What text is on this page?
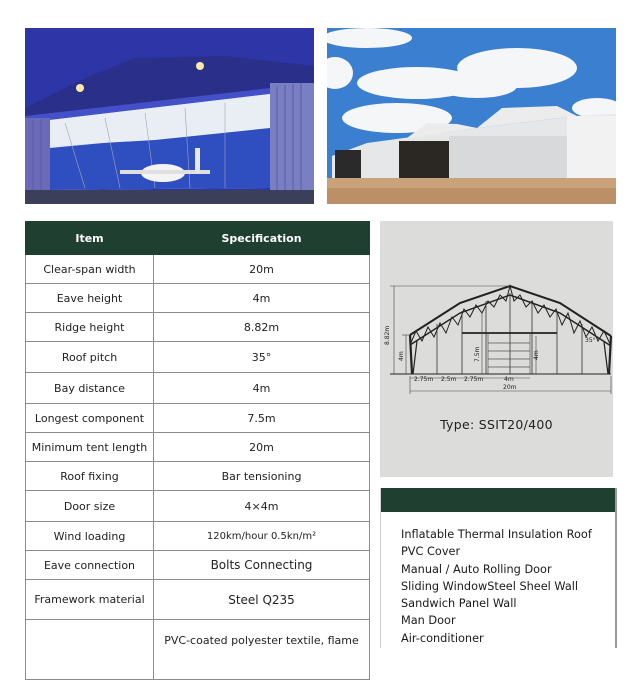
Item	Specification
Clear-span width	20m
Eave height	4m
Ridge height	8.82m
Roof pitch	35°
Bay distance	4m
Longest component	7.5m
Minimum tent length	20m
Roof fixing	Bar tensioning
Door size	4×4m
Wind loading	120km/hour 0.5kn/m²
Eave connection	Bolts Connecting
Framework material	Steel Q235
	PVC-coated polyester textile, flame
8.82m
4m	7.5m	4m
35°
2.75m 2.5m 2.75m	4m
20m
Type: SSIT20/400
Inflatable Thermal Insulation Roof
PVC Cover
Manual / Auto Rolling Door
Sliding WindowSteel Sheel Wall
Sandwich Panel Wall
Man Door
Air-conditioner
